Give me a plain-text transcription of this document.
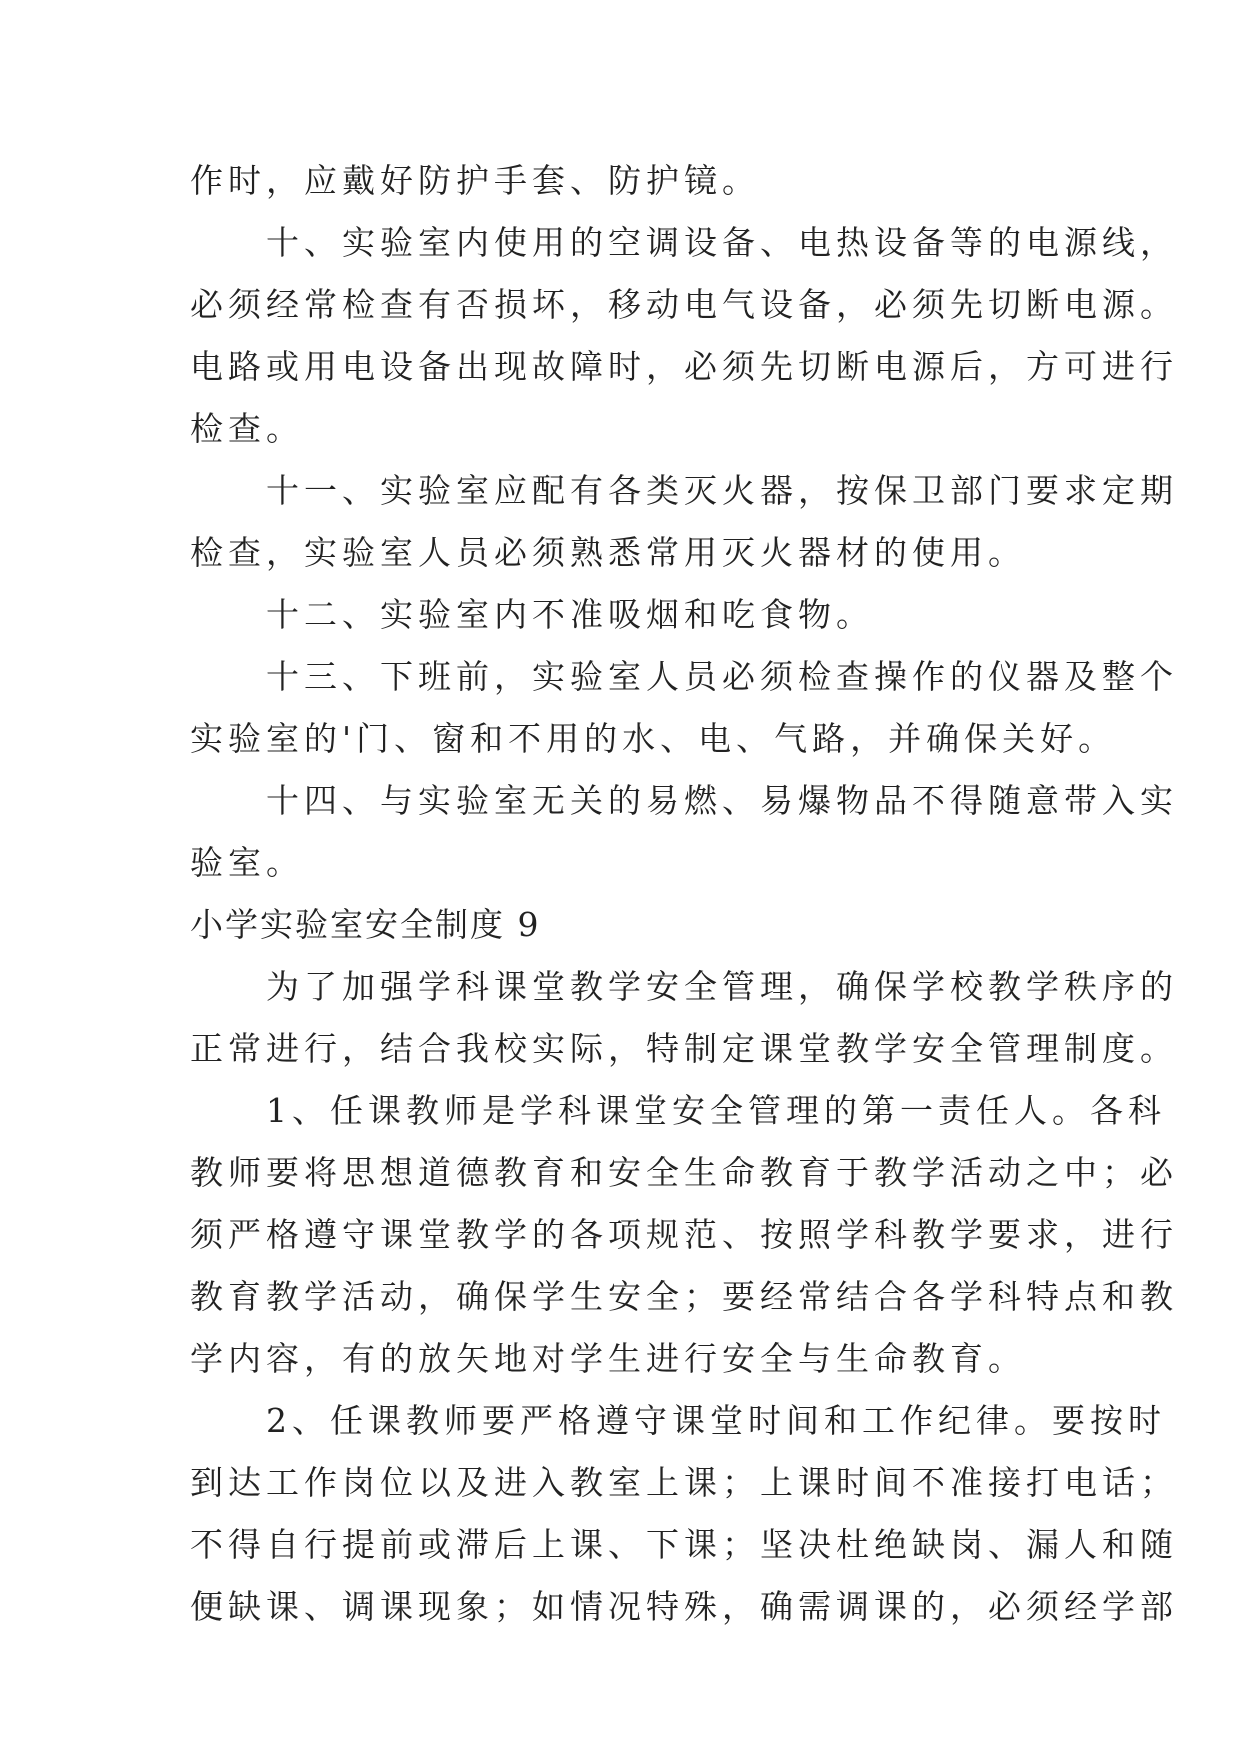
作时，应戴好防护手套、防护镜。
　　十、实验室内使用的空调设备、电热设备等的电源线，
必须经常检查有否损坏，移动电气设备，必须先切断电源。
电路或用电设备出现故障时，必须先切断电源后，方可进行
检查。
　　十一、实验室应配有各类灭火器，按保卫部门要求定期
检查，实验室人员必须熟悉常用灭火器材的使用。
　　十二、实验室内不准吸烟和吃食物。
　　十三、下班前，实验室人员必须检查操作的仪器及整个
实验室的'门、窗和不用的水、电、气路，并确保关好。
　　十四、与实验室无关的易燃、易爆物品不得随意带入实
验室。
小学实验室安全制度 9
　　为了加强学科课堂教学安全管理，确保学校教学秩序的
正常进行，结合我校实际，特制定课堂教学安全管理制度。
　　1、任课教师是学科课堂安全管理的第一责任人。各科
教师要将思想道德教育和安全生命教育于教学活动之中；必
须严格遵守课堂教学的各项规范、按照学科教学要求，进行
教育教学活动，确保学生安全；要经常结合各学科特点和教
学内容，有的放矢地对学生进行安全与生命教育。
　　2、任课教师要严格遵守课堂时间和工作纪律。要按时
到达工作岗位以及进入教室上课；上课时间不准接打电话；
不得自行提前或滞后上课、下课；坚决杜绝缺岗、漏人和随
便缺课、调课现象；如情况特殊，确需调课的，必须经学部
